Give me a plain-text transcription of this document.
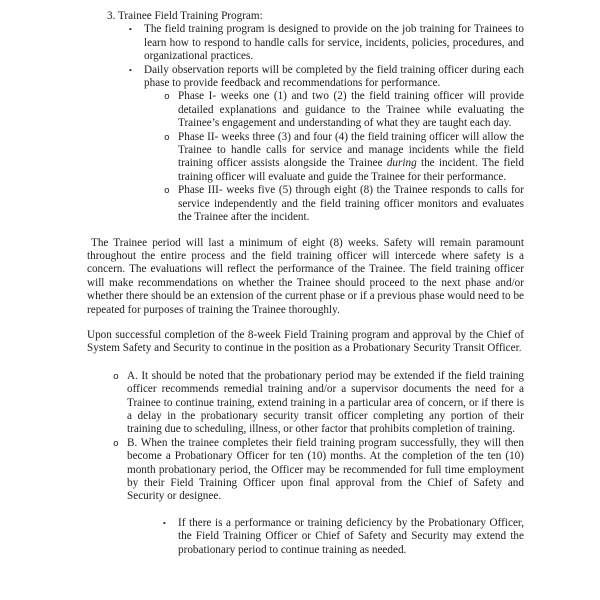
3. Trainee Field Training Program:

▪	The field training program is designed to provide on the job training for Trainees to learn how to respond to handle calls for service, incidents, policies, procedures, and organizational practices.
▪	Daily observation reports will be completed by the field training officer during each phase to provide feedback and recommendations for performance.
o Phase I- weeks one (1) and two (2) the field training officer will provide detailed explanations and guidance to the Trainee while evaluating the Trainee’s engagement and understanding of what they are taught each day.
o Phase II- weeks three (3) and four (4) the field training officer will allow the Trainee to handle calls for service and manage incidents while the field training officer assists alongside the Trainee during the incident. The field training officer will evaluate and guide the Trainee for their performance.
o Phase III- weeks five (5) through eight (8) the Trainee responds to calls for service independently and the field training officer monitors and evaluates the Trainee after the incident.

The Trainee period will last a minimum of eight (8) weeks. Safety will remain paramount throughout the entire process and the field training officer will intercede where safety is a concern. The evaluations will reflect the performance of the Trainee. The field training officer will make recommendations on whether the Trainee should proceed to the next phase and/or whether there should be an extension of the current phase or if a previous phase would need to be repeated for purposes of training the Trainee thoroughly.

Upon successful completion of the 8-week Field Training program and approval by the Chief of System Safety and Security to continue in the position as a Probationary Security Transit Officer.

o A. It should be noted that the probationary period may be extended if the field training officer recommends remedial training and/or a supervisor documents the need for a Trainee to continue training, extend training in a particular area of concern, or if there is a delay in the probationary security transit officer completing any portion of their training due to scheduling, illness, or other factor that prohibits completion of training.
o B. When the trainee completes their field training program successfully, they will then become a Probationary Officer for ten (10) months. At the completion of the ten (10) month probationary period, the Officer may be recommended for full time employment by their Field Training Officer upon final approval from the Chief of Safety and Security or designee.
▪	If there is a performance or training deficiency by the Probationary Officer, the Field Training Officer or Chief of Safety and Security may extend the probationary period to continue training as needed.
